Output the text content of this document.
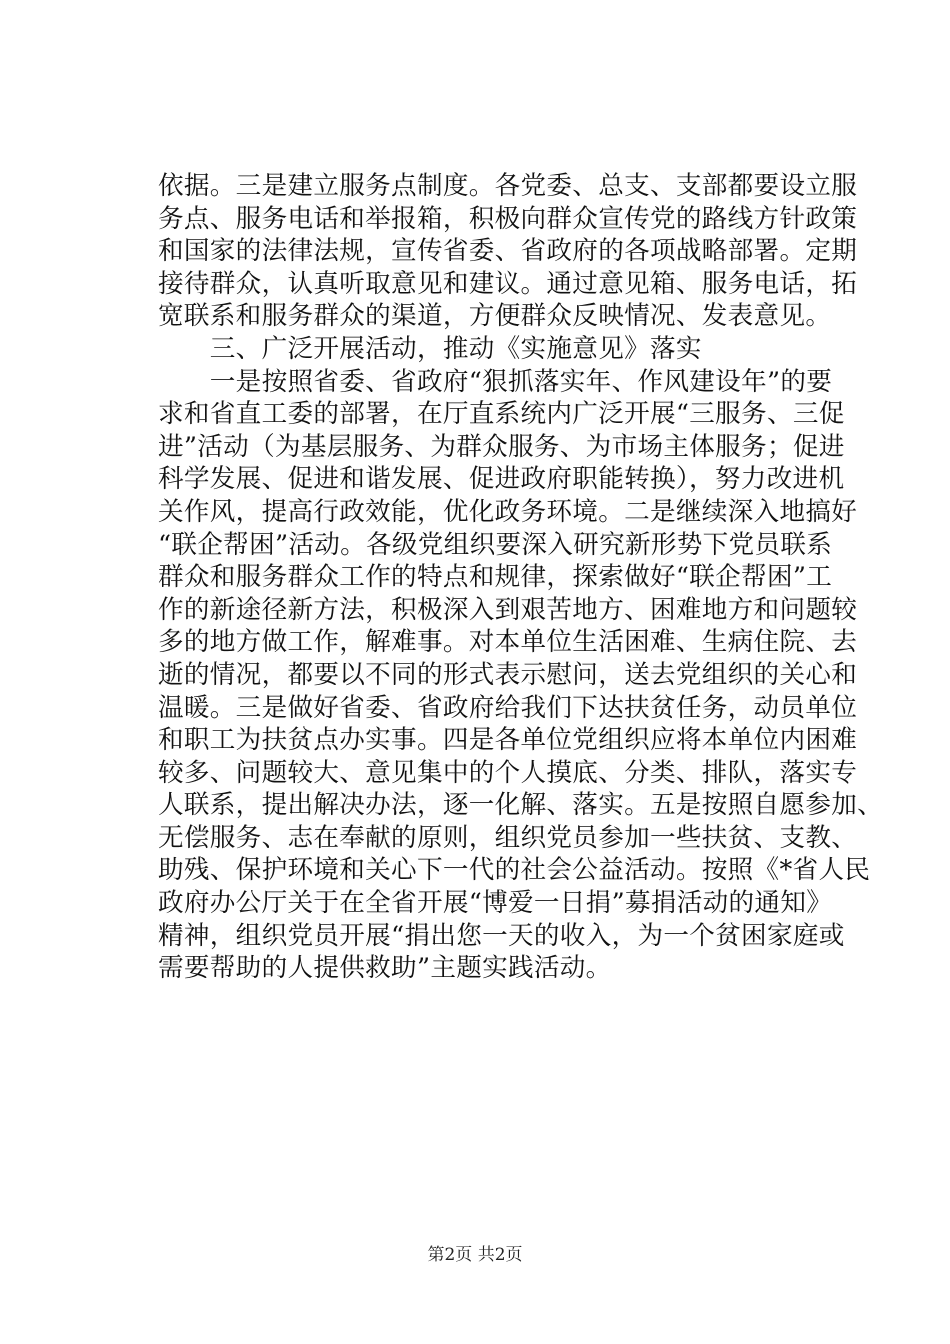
依据。三是建立服务点制度。各党委、总支、支部都要设立服
务点、服务电话和举报箱，积极向群众宣传党的路线方针政策
和国家的法律法规，宣传省委、省政府的各项战略部署。定期
接待群众，认真听取意见和建议。通过意见箱、服务电话，拓
宽联系和服务群众的渠道，方便群众反映情况、发表意见。
　　三、广泛开展活动，推动《实施意见》落实
　　一是按照省委、省政府“狠抓落实年、作风建设年”的要
求和省直工委的部署，在厅直系统内广泛开展“三服务、三促
进”活动（为基层服务、为群众服务、为市场主体服务；促进
科学发展、促进和谐发展、促进政府职能转换），努力改进机
关作风，提高行政效能，优化政务环境。二是继续深入地搞好
“联企帮困”活动。各级党组织要深入研究新形势下党员联系
群众和服务群众工作的特点和规律，探索做好“联企帮困”工
作的新途径新方法，积极深入到艰苦地方、困难地方和问题较
多的地方做工作，解难事。对本单位生活困难、生病住院、去
逝的情况，都要以不同的形式表示慰问，送去党组织的关心和
温暖。三是做好省委、省政府给我们下达扶贫任务，动员单位
和职工为扶贫点办实事。四是各单位党组织应将本单位内困难
较多、问题较大、意见集中的个人摸底、分类、排队，落实专
人联系，提出解决办法，逐一化解、落实。五是按照自愿参加、
无偿服务、志在奉献的原则，组织党员参加一些扶贫、支教、
助残、保护环境和关心下一代的社会公益活动。按照《*省人民
政府办公厅关于在全省开展“博爱一日捐”募捐活动的通知》
精神，组织党员开展“捐出您一天的收入，为一个贫困家庭或
需要帮助的人提供救助”主题实践活动。
第2页 共2页
